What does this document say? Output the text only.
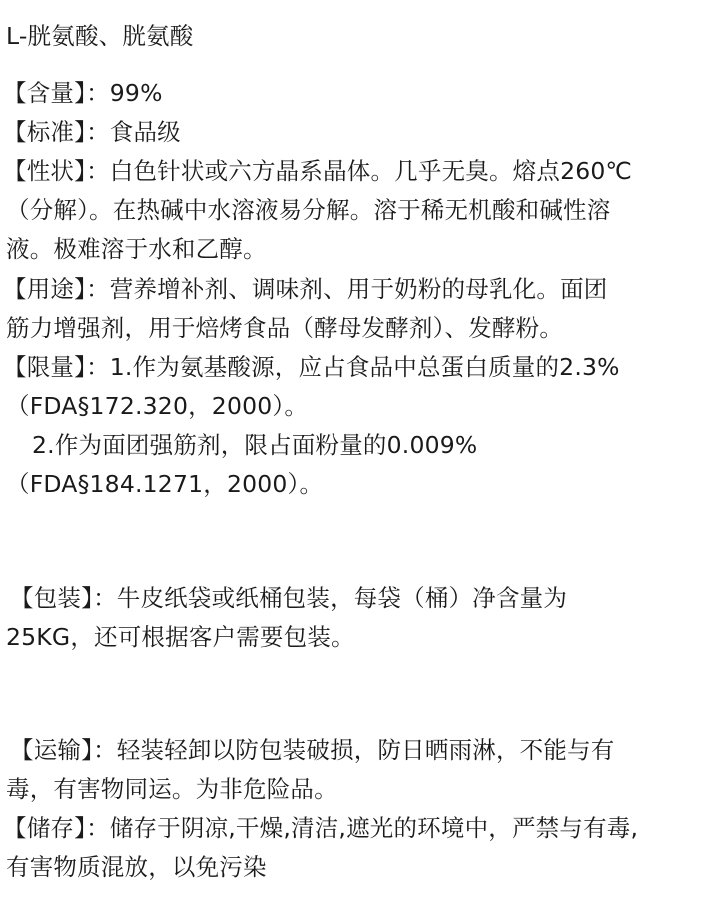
L-胱氨酸、胱氨酸
【含量】：99%
【标准】：食品级
【性状】：白色针状或六方晶系晶体。几乎无臭。熔点260℃
（分解）。在热碱中水溶液易分解。溶于稀无机酸和碱性溶
液。极难溶于水和乙醇。
【用途】：营养增补剂、调味剂、用于奶粉的母乳化。面团
筋力增强剂，用于焙烤食品（酵母发酵剂）、发酵粉。
【限量】：1.作为氨基酸源，应占食品中总蛋白质量的2.3%
（FDA§172.320，2000）。
2.作为面团强筋剂，限占面粉量的0.009%
（FDA§184.1271，2000）。
【包装】：牛皮纸袋或纸桶包装，每袋（桶）净含量为
25KG，还可根据客户需要包装。
【运输】：轻装轻卸以防包装破损，防日晒雨淋，不能与有
毒，有害物同运。为非危险品。
【储存】：储存于阴凉,干燥,清洁,遮光的环境中，严禁与有毒,
有害物质混放，以免污染
